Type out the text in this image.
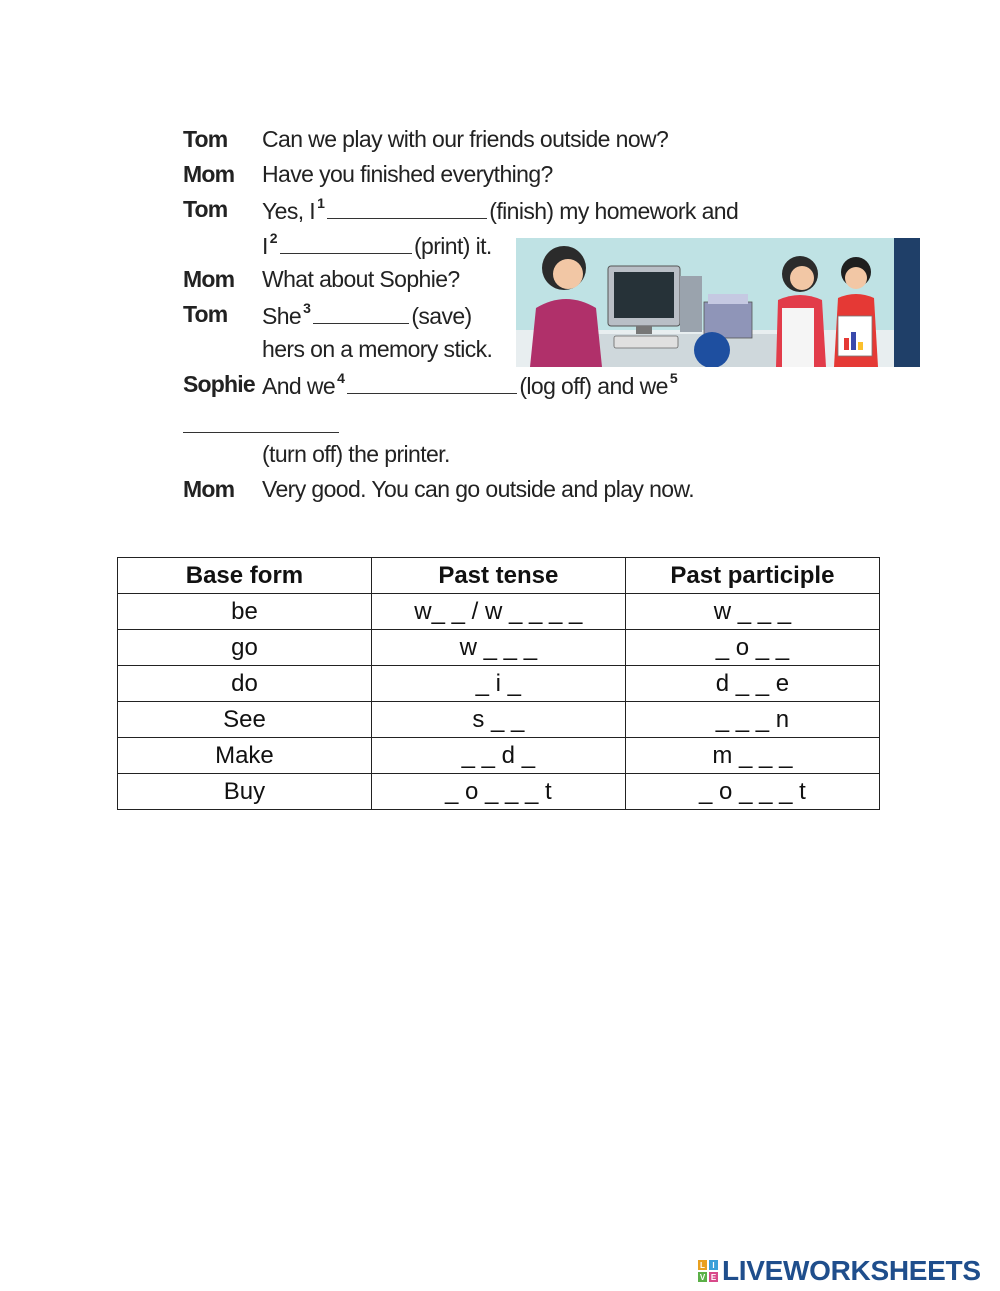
Tom Can we play with our friends outside now?
Mom Have you finished everything?
Tom Yes, I $^1$	(finish) my homework and
I $^2$	(print) it.
Mom What about Sophie?
Tom She $^3$	(save)
hers on a memory stick.
Sophie And we $^4$	(log off) and we $^5$
(turn off) the printer.
Mom Very good. You can go outside and play now.
Base form	Past tense	Past participle
be	w_ _ / w _ _ _ _	w _ _ _
go	w _ _ _	_ o _ _
do	_ i _	d _ _ e
See	s _ _	_ _ _ n
Make	_ _ d _	m _ _ _
Buy	_ o _ _ _ t	_ o _ _ _ t
L I
V E LIVEWORKSHEETS
